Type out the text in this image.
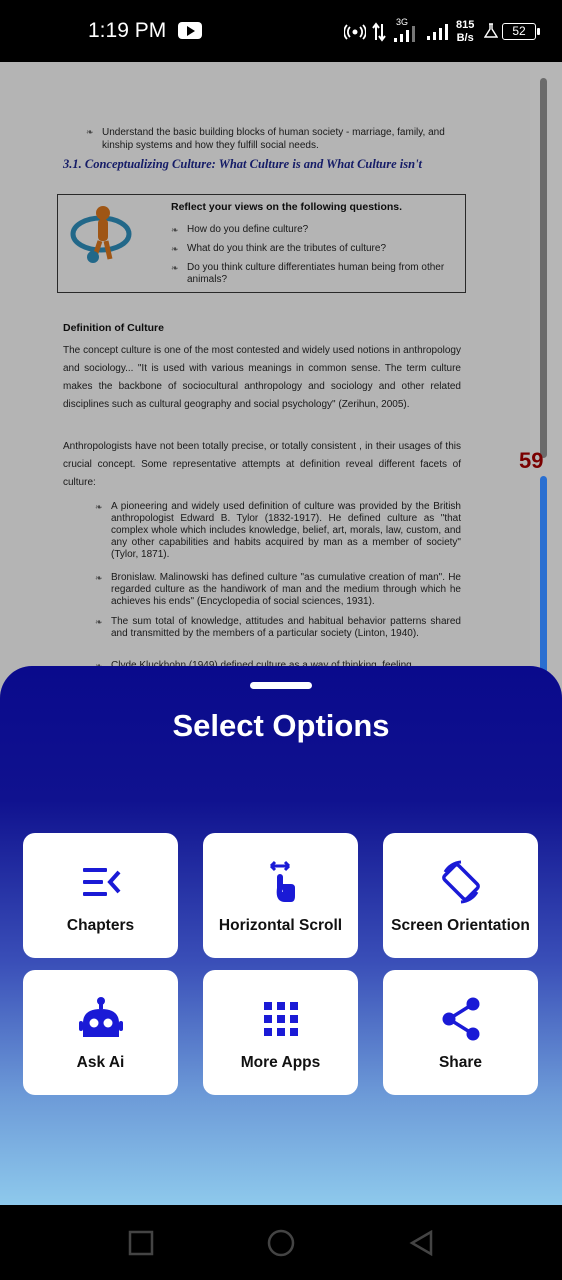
1:19 PM	3G	815
B/s	52
❧ Understand the basic building blocks of human society - marriage, family, and kinship systems and how they fulfill social needs.
3.1. Conceptualizing Culture: What Culture is and What Culture isn't
Reflect your views on the following questions.
❧ How do you define culture?
❧ What do you think are the tributes of culture?
❧ Do you think culture differentiates human being from other animals?
Definition of Culture
The concept culture is one of the most contested and widely used notions in anthropology and sociology... "It is used with various meanings in common sense. The term culture makes the backbone of sociocultural anthropology and sociology and other related disciplines such as cultural geography and social psychology" (Zerihun, 2005).
Anthropologists have not been totally precise, or totally consistent , in their usages of this crucial concept. Some representative attempts at definition reveal different facets of culture:
❧ A pioneering and widely used definition of culture was provided by the British anthropologist Edward B. Tylor (1832-1917). He defined culture as "that complex whole which includes knowledge, belief, art, morals, law, custom, and any other capabilities and habits acquired by man as a member of society"(Tylor, 1871).
❧ Bronislaw. Malinowski has defined culture "as cumulative creation of man". He regarded culture as the handiwork of man and the medium through which he achieves his ends" (Encyclopedia of social sciences, 1931).
❧ The sum total of knowledge, attitudes and habitual behavior patterns shared and transmitted by the members of a particular society (Linton, 1940).
❧
59
Select Options
Chapters	Horizontal Scroll	Screen Orientation
Ask Ai	More Apps	Share
